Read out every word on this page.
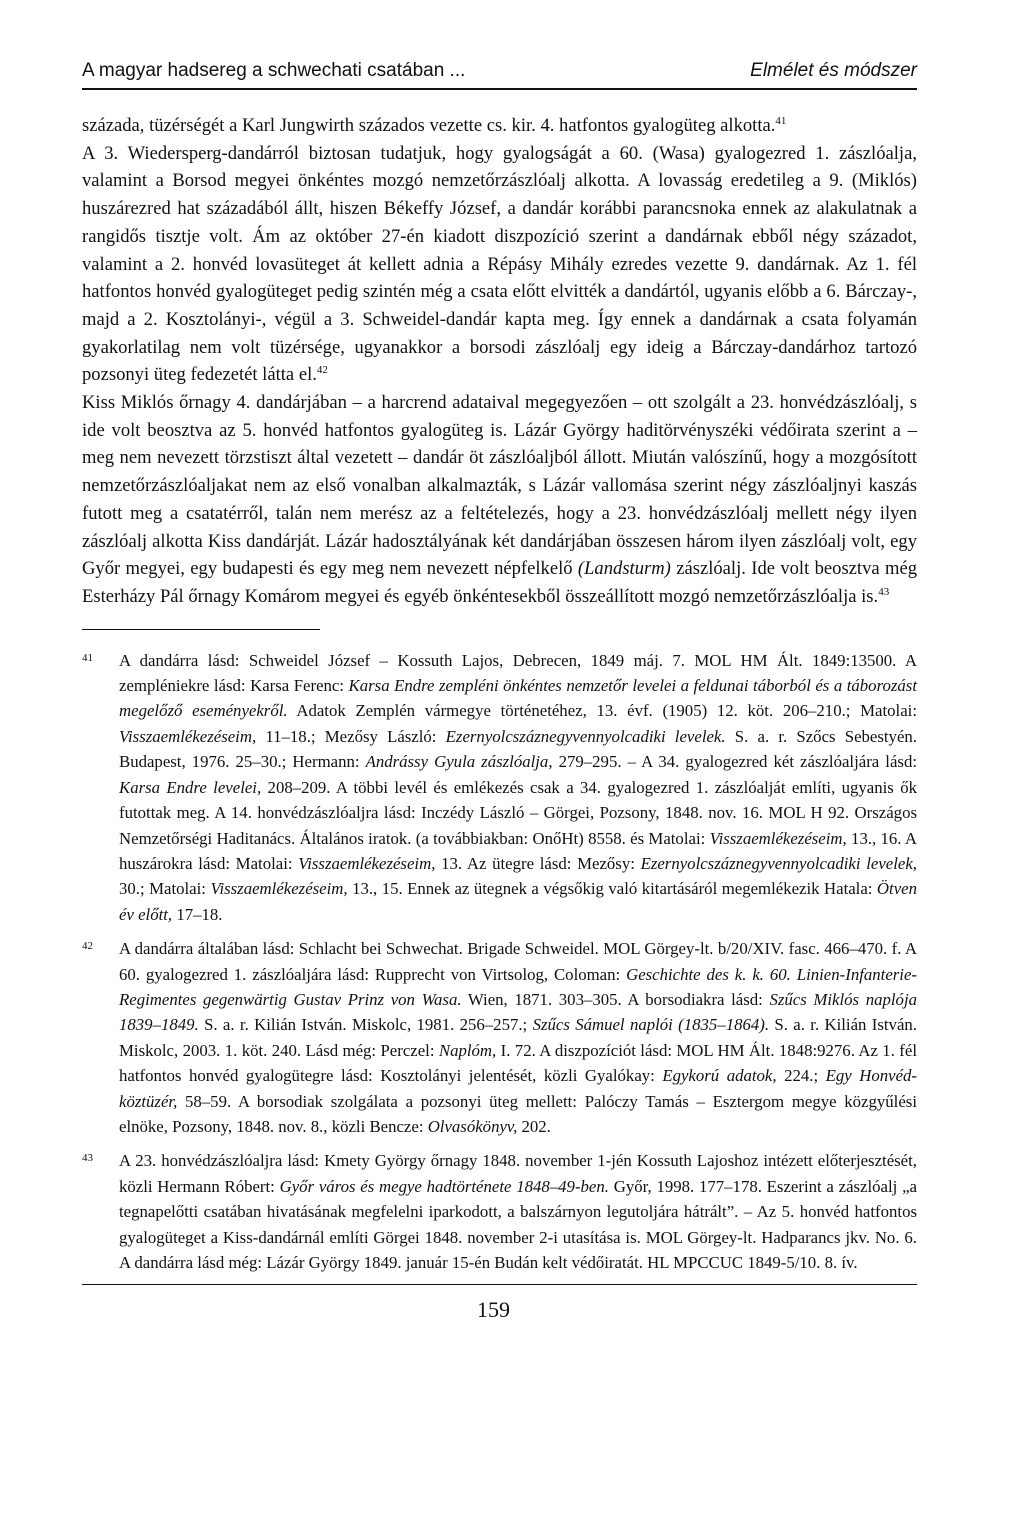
A magyar hadsereg a schwechati csatában ...	Elmélet és módszer

százada, tüzérségét a Karl Jungwirth százados vezette cs. kir. 4. hatfontos gyalogüteg alkotta.$^{41}$

A 3. Wiedersperg-dandárról biztosan tudatjuk, hogy gyalogságát a 60. (Wasa) gyalogezred 1. zászlóalja, valamint a Borsod megyei önkéntes mozgó nemzetőrzászlóalj alkotta. A lovasság eredetileg a 9. (Miklós) huszárezred hat századából állt, hiszen Békeffy József, a dandár korábbi parancsnoka ennek az alakulatnak a rangidős tisztje volt. Ám az október 27-én kiadott diszpozíció szerint a dandárnak ebből négy századot, valamint a 2. honvéd lovasüteget át kellett adnia a Répásy Mihály ezredes vezette 9. dandárnak. Az 1. fél hatfontos honvéd gyalogüteget pedig szintén még a csata előtt elvitték a dandártól, ugyanis előbb a 6. Bárczay-, majd a 2. Kosztolányi-, végül a 3. Schweidel-dandár kapta meg. Így ennek a dandárnak a csata folyamán gyakorlatilag nem volt tüzérsége, ugyanakkor a borsodi zászlóalj egy ideig a Bárczay-dandárhoz tartozó pozsonyi üteg fedezetét látta el.$^{42}$

Kiss Miklós őrnagy 4. dandárjában – a harcrend adataival megegyezően – ott szolgált a 23. honvédzászlóalj, s ide volt beosztva az 5. honvéd hatfontos gyalogüteg is. Lázár György haditörvényszéki védőirata szerint a – meg nem nevezett törzstiszt által vezetett – dandár öt zászlóaljból állott. Miután valószínű, hogy a mozgósított nemzetőrzászlóaljakat nem az első vonalban alkalmazták, s Lázár vallomása szerint négy zászlóaljnyi kaszás futott meg a csatatérről, talán nem merész az a feltételezés, hogy a 23. honvédzászlóalj mellett négy ilyen zászlóalj alkotta Kiss dandárját. Lázár hadosztályának két dandárjában összesen három ilyen zászlóalj volt, egy Győr megyei, egy budapesti és egy meg nem nevezett népfelkelő (Landsturm) zászlóalj. Ide volt beosztva még Esterházy Pál őrnagy Komárom megyei és egyéb önkéntesekből összeállított mozgó nemzetőrzászlóalja is.$^{43}$

41	A dandárra lásd: Schweidel József – Kossuth Lajos, Debrecen, 1849 máj. 7. MOL HM Ált. 1849:13500. A zempléniekre lásd: Karsa Ferenc: Karsa Endre zempléni önkéntes nemzetőr levelei a feldunai táborból és a táborozást megelőző eseményekről. Adatok Zemplén vármegye történetéhez, 13. évf. (1905) 12. köt. 206–210.; Matolai: Visszaemlékezéseim, 11–18.; Mezősy László: Ezernyolcszáznegyvennyolcadiki levelek. S. a. r. Szőcs Sebestyén. Budapest, 1976. 25–30.; Hermann: Andrássy Gyula zászlóalja, 279–295. – A 34. gyalogezred két zászlóaljára lásd: Karsa Endre levelei, 208–209. A többi levél és emlékezés csak a 34. gyalogezred 1. zászlóalját említi, ugyanis ők futottak meg. A 14. honvédzászlóaljra lásd: Inczédy László – Görgei, Pozsony, 1848. nov. 16. MOL H 92. Országos Nemzetőrségi Haditanács. Általános iratok. (a továbbiakban: OnőHt) 8558. és Matolai: Visszaemlékezéseim, 13., 16. A huszárokra lásd: Matolai: Visszaemlékezéseim, 13. Az ütegre lásd: Mezősy: Ezernyolcszáznegyvennyolcadiki levelek, 30.; Matolai: Visszaemlékezéseim, 13., 15. Ennek az ütegnek a végsőkig való kitartásáról megemlékezik Hatala: Ötven év előtt, 17–18.
42	A dandárra általában lásd: Schlacht bei Schwechat. Brigade Schweidel. MOL Görgey-lt. b/20/XIV. fasc. 466–470. f. A 60. gyalogezred 1. zászlóaljára lásd: Rupprecht von Virtsolog, Coloman: Geschichte des k. k. 60. Linien-Infanterie-Regimentes gegenwärtig Gustav Prinz von Wasa. Wien, 1871. 303–305. A borsodiakra lásd: Szűcs Miklós naplója 1839–1849. S. a. r. Kilián István. Miskolc, 1981. 256–257.; Szűcs Sámuel naplói (1835–1864). S. a. r. Kilián István. Miskolc, 2003. 1. köt. 240. Lásd még: Perczel: Naplóm, I. 72. A diszpozíciót lásd: MOL HM Ált. 1848:9276. Az 1. fél hatfontos honvéd gyalogütegre lásd: Kosztolányi jelentését, közli Gyalókay: Egykorú adatok, 224.; Egy Honvéd-köztüzér, 58–59. A borsodiak szolgálata a pozsonyi üteg mellett: Palóczy Tamás – Esztergom megye közgyűlési elnöke, Pozsony, 1848. nov. 8., közli Bencze: Olvasókönyv, 202.
43	A 23. honvédzászlóaljra lásd: Kmety György őrnagy 1848. november 1-jén Kossuth Lajoshoz intézett előterjesztését, közli Hermann Róbert: Győr város és megye hadtörténete 1848–49-ben. Győr, 1998. 177–178. Eszerint a zászlóalj „a tegnapelőtti csatában hivatásának megfelelni iparkodott, a balszárnyon legutoljára hátrált”. – Az 5. honvéd hatfontos gyalogüteget a Kiss-dandárnál említi Görgei 1848. november 2-i utasítása is. MOL Görgey-lt. Hadparancs jkv. No. 6. A dandárra lásd még: Lázár György 1849. január 15-én Budán kelt védőiratát. HL MPCCUC 1849-5/10. 8. ív.
159
